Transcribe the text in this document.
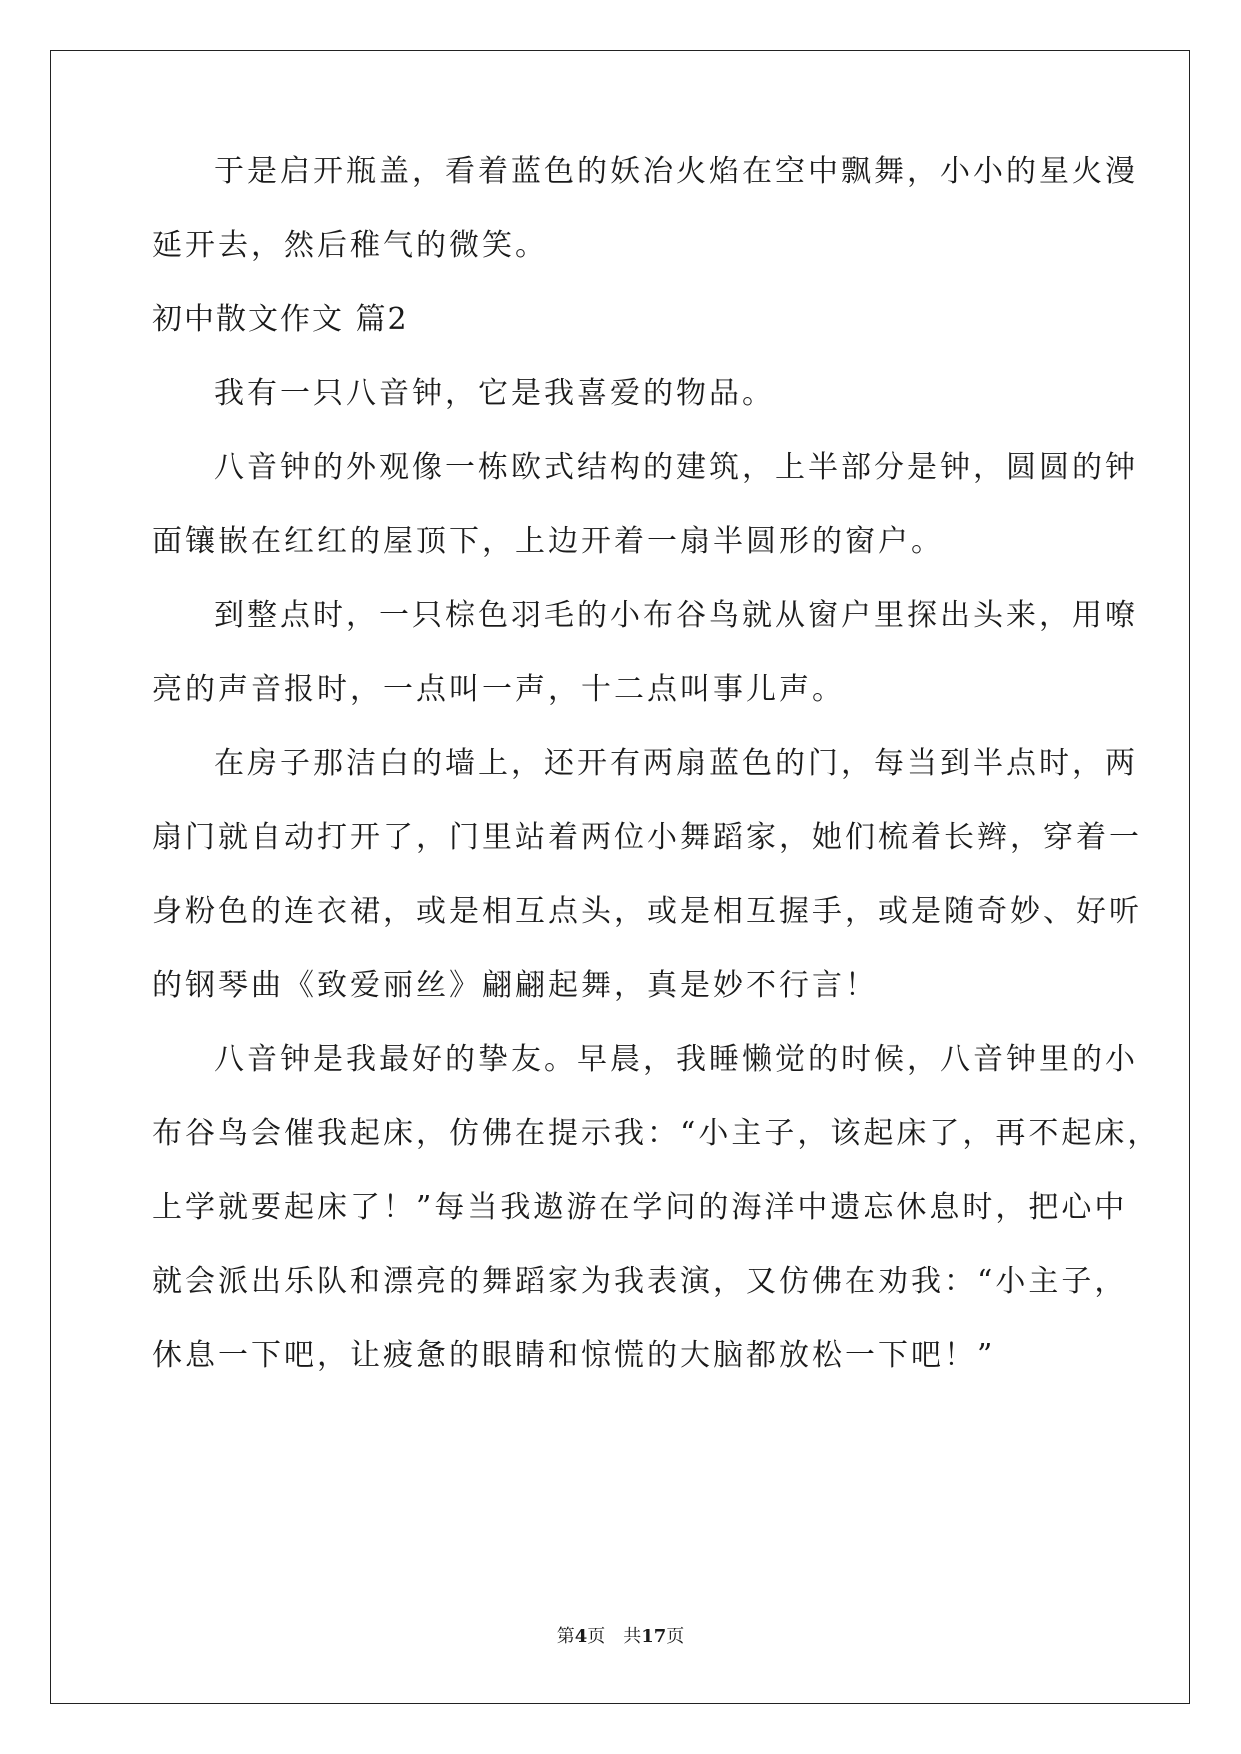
于是启开瓶盖，看着蓝色的妖冶火焰在空中飘舞，小小的星火漫
延开去，然后稚气的微笑。
初中散文作文 篇2
我有一只八音钟，它是我喜爱的物品。
八音钟的外观像一栋欧式结构的建筑，上半部分是钟，圆圆的钟
面镶嵌在红红的屋顶下，上边开着一扇半圆形的窗户。
到整点时，一只棕色羽毛的小布谷鸟就从窗户里探出头来，用嘹
亮的声音报时，一点叫一声，十二点叫事儿声。
在房子那洁白的墙上，还开有两扇蓝色的门，每当到半点时，两
扇门就自动打开了，门里站着两位小舞蹈家，她们梳着长辫，穿着一
身粉色的连衣裙，或是相互点头，或是相互握手，或是随奇妙、好听
的钢琴曲《致爱丽丝》翩翩起舞，真是妙不行言！
八音钟是我最好的挚友。早晨，我睡懒觉的时候，八音钟里的小
布谷鸟会催我起床，仿佛在提示我：“小主子，该起床了，再不起床，
上学就要起床了！”每当我遨游在学问的海洋中遗忘休息时，把心中
就会派出乐队和漂亮的舞蹈家为我表演，又仿佛在劝我：“小主子，
休息一下吧，让疲惫的眼睛和惊慌的大脑都放松一下吧！”
第4页 共17页
